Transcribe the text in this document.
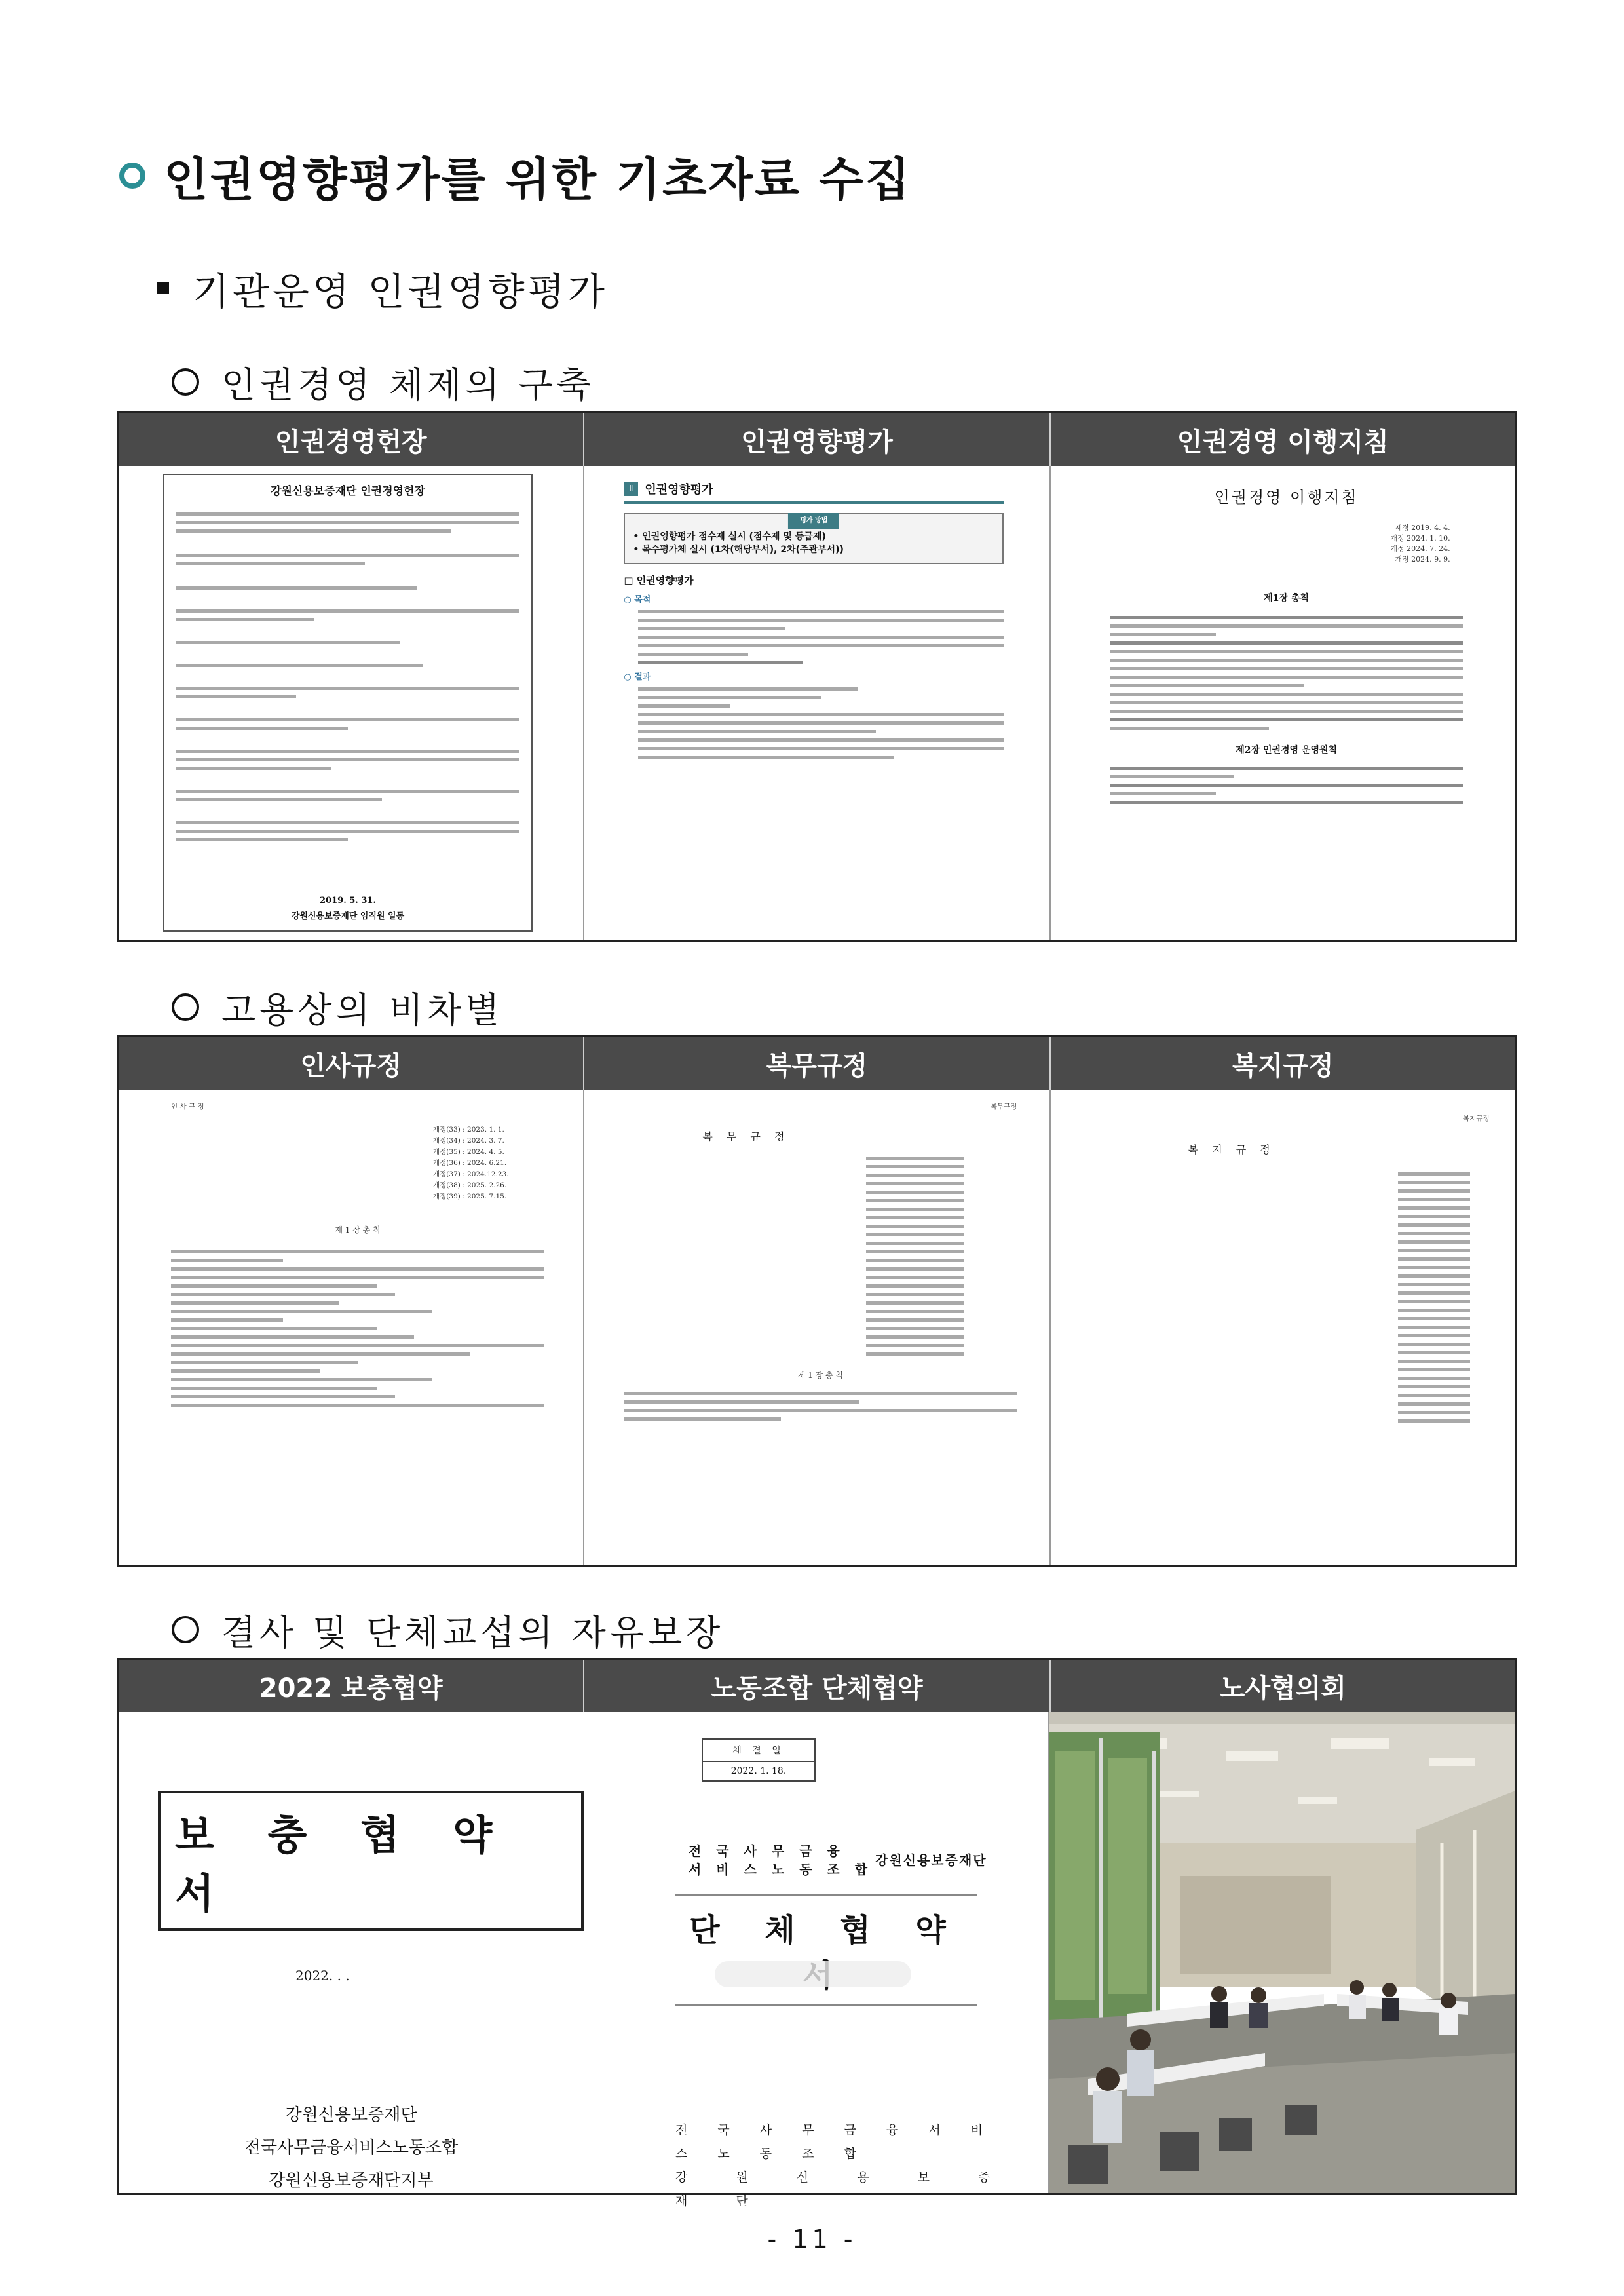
인권영향평가를 위한 기초자료 수집
기관운영 인권영향평가
인권경영 체제의 구축
인권경영헌장	인권영향평가	인권경영 이행지침
강원신용보증재단 인권경영헌장
2019. 5. 31.
강원신용보증재단 임직원 일동
Ⅱ 인권영향평가
평가 방법
• 인권영향평가 점수제 실시 (점수제 및 등급제)
• 복수평가체 실시 (1차(해당부서), 2차(주관부서))
□ 인권영향평가
○ 목적
○ 결과
인권경영 이행지침
제정 2019. 4. 4.
개정 2024. 1. 10.
개정 2024. 7. 24.
개정 2024. 9. 9.
제1장 총칙
제2장 인권경영 운영원칙
고용상의 비차별
인사규정	복무규정	복지규정
인 사 규 정
개정(33) : 2023. 1. 1.
개정(34) : 2024. 3. 7.
개정(35) : 2024. 4. 5.
개정(36) : 2024. 6.21.
개정(37) : 2024.12.23.
개정(38) : 2025. 2.26.
개정(39) : 2025. 7.15.
제 1 장 총 칙
복무규정
복 무 규 정
제 1 장 총 칙
복지규정
복 지 규 정
결사 및 단체교섭의 자유보장
2022 보충협약	노동조합 단체협약	노사협의회
보 충 협 약 서
2022. . .
강원신용보증재단
전국사무금융서비스노동조합
강원신용보증재단지부
체 결 일
2022. 1. 18.
전 국 사 무 금 융
서 비 스 노 동 조 합
강원신용보증재단
단 체 협 약
전 국 사 무 금 융 서 비 스 노 동 조 합
강 원 신 용 보 증 재 단
- 11 -
